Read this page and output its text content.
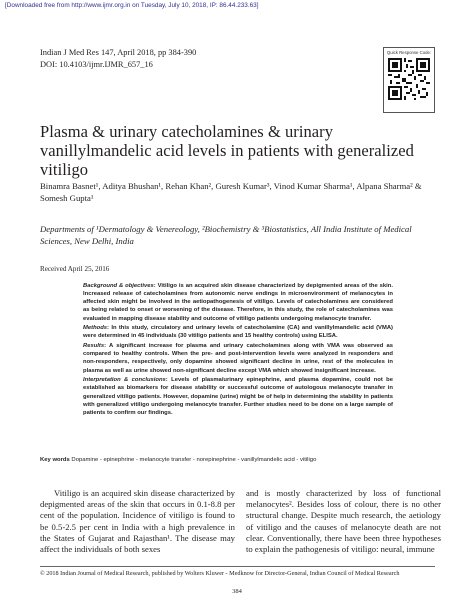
[Downloaded free from http://www.ijmr.org.in on Tuesday, July 10, 2018, IP: 86.44.233.63]
Indian J Med Res 147, April 2018, pp 384-390
DOI: 10.4103/ijmr.IJMR_657_16
Quick Response Code:
Plasma & urinary catecholamines & urinary vanillylmandelic acid levels in patients with generalized vitiligo
Binamra Basnet¹, Aditya Bhushan¹, Rehan Khan², Guresh Kumar³, Vinod Kumar Sharma¹, Alpana Sharma² & Somesh Gupta¹
Departments of ¹Dermatology & Venereology, ²Biochemistry & ³Biostatistics, All India Institute of Medical Sciences, New Delhi, India
Received April 25, 2016

Background & objectives: Vitiligo is an acquired skin disease characterized by depigmented areas of the skin. Increased release of catecholamines from autonomic nerve endings in microenvironment of melanocytes in affected skin might be involved in the aetiopathogenesis of vitiligo. Levels of catecholamines are considered as being related to onset or worsening of the disease. Therefore, in this study, the role of catecholamines was evaluated in mapping disease stability and outcome of vitiligo patients undergoing melanocyte transfer.

Methods: In this study, circulatory and urinary levels of catecholamine (CA) and vanillylmandelic acid (VMA) were determined in 45 individuals (30 vitiligo patients and 15 healthy controls) using ELISA.

Results: A significant increase for plasma and urinary catecholamines along with VMA was observed as compared to healthy controls. When the pre- and post-intervention levels were analyzed in responders and non-responders, respectively, only dopamine showed significant decline in urine, rest of the molecules in plasma as well as urine showed non-significant decline except VMA which showed insignificant increase.

Interpretation & conclusions: Levels of plasma/urinary epinephrine, and plasma dopamine, could not be established as biomarkers for disease stability or successful outcome of autologous melanocyte transfer in generalized vitiligo patients. However, dopamine (urine) might be of help in determining the stability in patients with generalized vitiligo undergoing melanocyte transfer. Further studies need to be done on a large sample of patients to confirm our findings.

Key words Dopamine - epinephrine - melanocyte transfer - norepinephrine - vanillylmandelic acid - vitiligo
Vitiligo is an acquired skin disease characterized by depigmented areas of the skin that occurs in 0.1-8.8 per cent of the population. Incidence of vitiligo is found to be 0.5-2.5 per cent in India with a high prevalence in the States of Gujarat and Rajasthan¹. The disease may affect the individuals of both sexes
and is mostly characterized by loss of functional melanocytes². Besides loss of colour, there is no other structural change. Despite much research, the aetiology of vitiligo and the causes of melanocyte death are not clear. Conventionally, there have been three hypotheses to explain the pathogenesis of vitiligo: neural, immune
© 2018 Indian Journal of Medical Research, published by Wolters Kluwer - Medknow for Director-General, Indian Council of Medical Research
384
